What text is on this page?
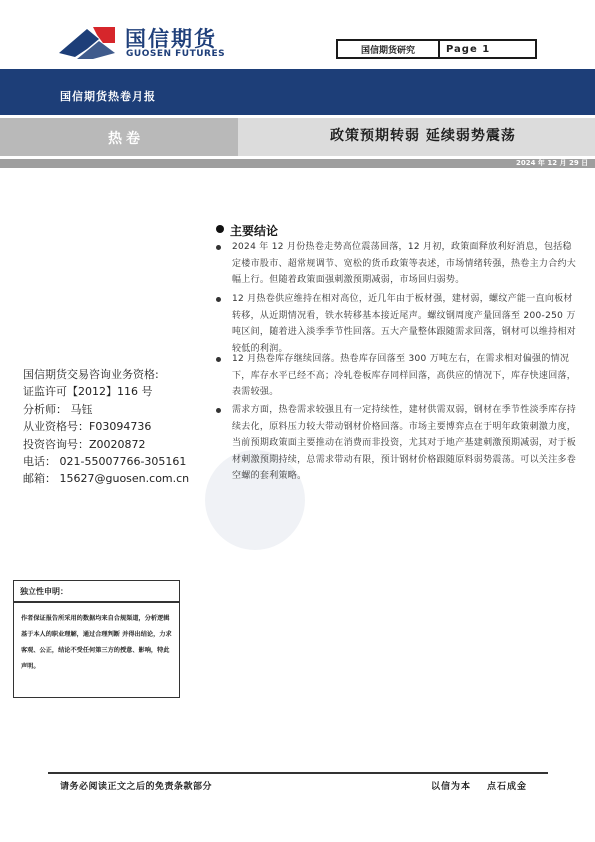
国信期货
GUOSEN FUTURES	国信期货研究	Page 1
国信期货热卷月报
热卷	政策预期转弱 延续弱势震荡
2024 年 12 月 29 日
主要结论
2024 年 12 月份热卷走势高位震荡回落，12 月初，政策面释放利好消息，包括稳定楼市股市、超常规调节、宽松的货币政策等表述，市场情绪转强，热卷主力合约大幅上行。但随着政策面强刺激预期减弱，市场回归弱势。
12 月热卷供应维持在相对高位，近几年由于板材强，建材弱，螺纹产能一直向板材转移，从近期情况看，铁水转移基本接近尾声。螺纹钢周度产量回落至 200-250 万吨区间，随着进入淡季季节性回落。五大产量整体跟随需求回落，钢材可以维持相对较低的利润。
12 月热卷库存继续回落。热卷库存回落至 300 万吨左右，在需求相对偏强的情况下，库存水平已经不高；冷轧卷板库存同样回落，高供应的情况下，库存快速回落，表需较强。
需求方面，热卷需求较强且有一定持续性，建材供需双弱，钢材在季节性淡季库存持续去化，原料压力较大带动钢材价格回落。市场主要博弈点在于明年政策刺激力度，当前预期政策面主要推动在消费而非投资，尤其对于地产基建刺激预期减弱，对于板材刺激预期持续，总需求带动有限，预计钢材价格跟随原料弱势震荡。可以关注多卷空螺的套利策略。
国信期货交易咨询业务资格:
证监许可【2012】116 号
分析师： 马钰
从业资格号：F03094736
投资咨询号：Z0020872
电话： 021-55007766-305161
邮箱： 15627@guosen.com.cn
独立性申明：
作者保证报告所采用的数据均来自合规渠道，分析逻辑基于本人的职业理解，通过合理判断 并得出结论，力求客观、公正，结论不受任何第三方的授意、影响，特此声明。
请务必阅读正文之后的免责条款部分	以信为本 点石成金
